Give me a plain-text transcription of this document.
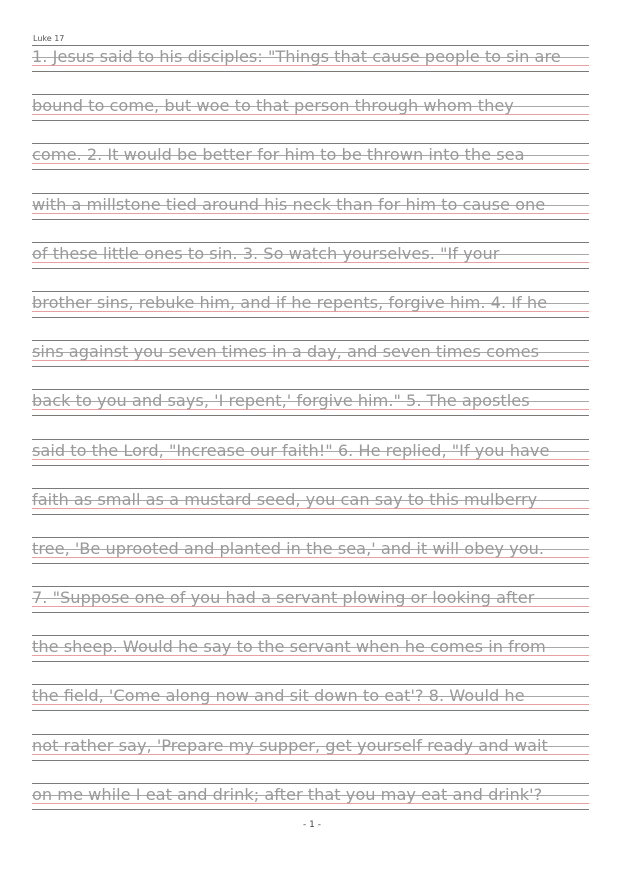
Luke 17
1. Jesus said to his disciples: "Things that cause people to sin are
bound to come, but woe to that person through whom they
come. 2. It would be better for him to be thrown into the sea
with a millstone tied around his neck than for him to cause one
of these little ones to sin. 3. So watch yourselves. "If your
brother sins, rebuke him, and if he repents, forgive him. 4. If he
sins against you seven times in a day, and seven times comes
back to you and says, 'I repent,' forgive him." 5. The apostles
said to the Lord, "Increase our faith!" 6. He replied, "If you have
faith as small as a mustard seed, you can say to this mulberry
tree, 'Be uprooted and planted in the sea,' and it will obey you.
7. "Suppose one of you had a servant plowing or looking after
the sheep. Would he say to the servant when he comes in from
the field, 'Come along now and sit down to eat'? 8. Would he
not rather say, 'Prepare my supper, get yourself ready and wait
on me while I eat and drink; after that you may eat and drink'?
- 1 -
